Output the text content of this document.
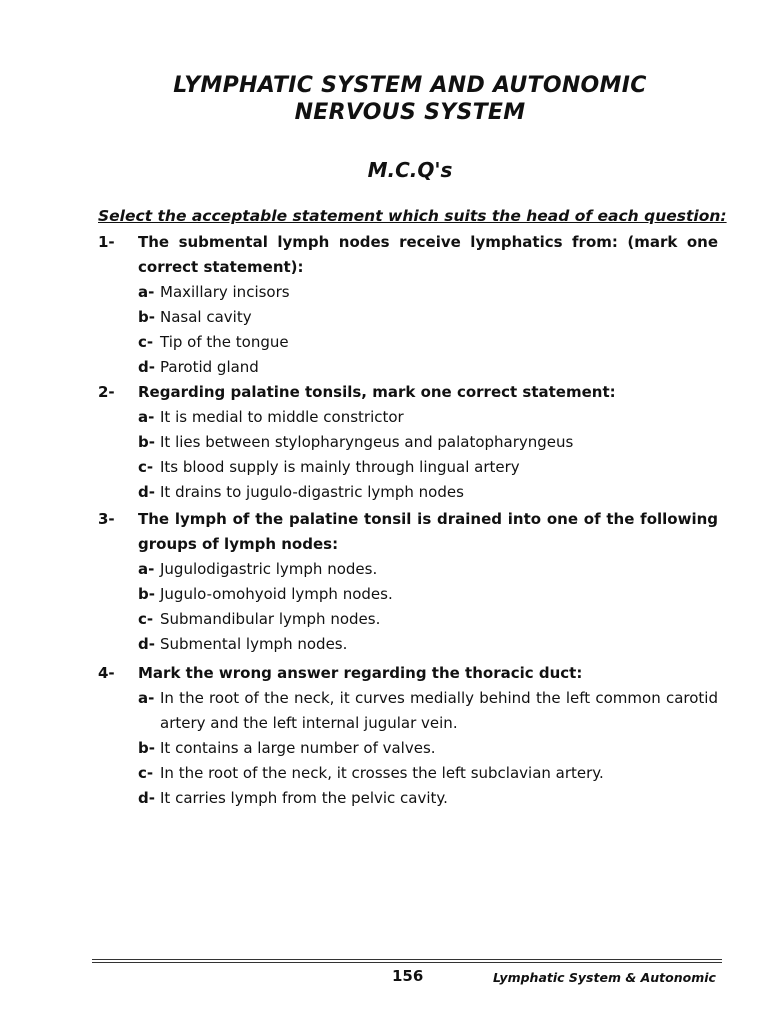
LYMPHATIC SYSTEM AND AUTONOMIC
NERVOUS SYSTEM
M.C.Q's
Select the acceptable statement which suits the head of each question:
1- The submental lymph nodes receive lymphatics from: (mark one correct statement):
a- Maxillary incisors
b- Nasal cavity
c- Tip of the tongue
d- Parotid gland
2- Regarding palatine tonsils, mark one correct statement:
a- It is medial to middle constrictor
b- It lies between stylopharyngeus and palatopharyngeus
c- Its blood supply is mainly through lingual artery
d- It drains to jugulo-digastric lymph nodes
3- The lymph of the palatine tonsil is drained into one of the following groups of lymph nodes:
a- Jugulodigastric lymph nodes.
b- Jugulo-omohyoid lymph nodes.
c- Submandibular lymph nodes.
d- Submental lymph nodes.
4- Mark the wrong answer regarding the thoracic duct:
a- In the root of the neck, it curves medially behind the left common carotid artery and the left internal jugular vein.
b- It contains a large number of valves.
c- In the root of the neck, it crosses the left subclavian artery.
d- It carries lymph from the pelvic cavity.
156	Lymphatic System & Autonomic
